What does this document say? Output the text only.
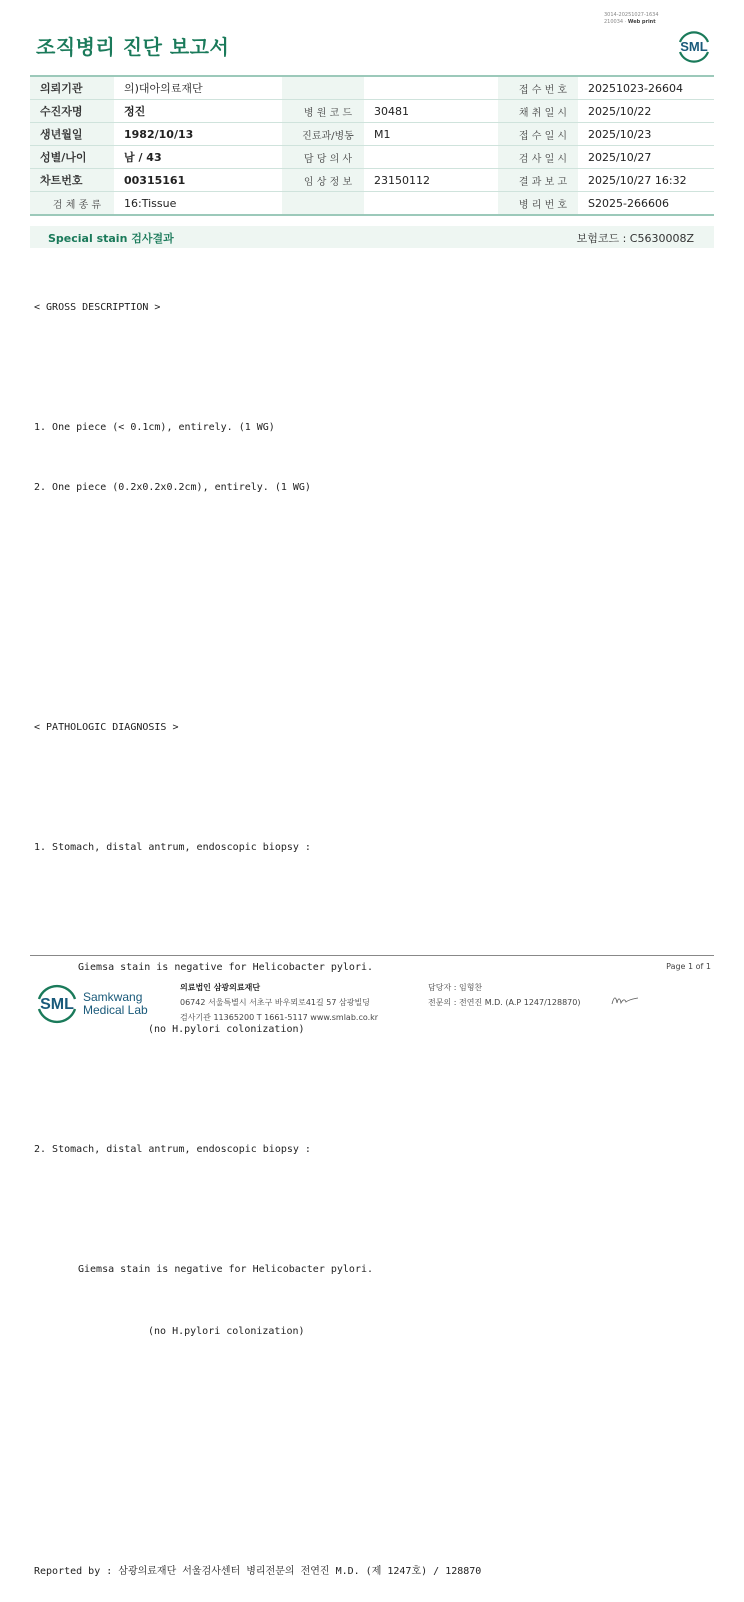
3014-20251027-1634
210034 · Web print
조직병리 진단 보고서	SML
의뢰기관	의)대아의료재단			접 수 번 호	20251023-26604
수진자명	정진	병 원 코 드	30481	채 취 일 시	2025/10/22
생년월일	1982/10/13	진료과/병동	M1	접 수 일 시	2025/10/23
성별/나이	남 / 43	담 당 의 사		검 사 일 시	2025/10/27
차트번호	00315161	임 상 정 보	23150112	결 과 보 고	2025/10/27 16:32
검 체 종 류	16:Tissue			병 리 번 호	S2025-266606
Special stain 검사결과	보험코드 : C5630008Z

< GROSS DESCRIPTION >

1. One piece (< 0.1cm), entirely. (1 WG)

2. One piece (0.2x0.2x0.2cm), entirely. (1 WG)

< PATHOLOGIC DIAGNOSIS >

1. Stomach, distal antrum, endoscopic biopsy :

Giemsa stain is negative for Helicobacter pylori.

(no H.pylori colonization)

2. Stomach, distal antrum, endoscopic biopsy :

Giemsa stain is negative for Helicobacter pylori.

(no H.pylori colonization)

Reported by : 삼광의료재단 서울검사센터 병리전문의 전연진 M.D. (제 1247호) / 128870

Page 1 of 1
SML Samkwang
Medical Lab
의료법인 삼광의료재단
06742 서울특별시 서초구 바우뫼로41길 57 삼광빌딩
검사기관 11365200 T 1661-5117 www.smlab.co.kr
담당자 : 임형찬
전문의 : 전연진 M.D. (A.P 1247/128870)
